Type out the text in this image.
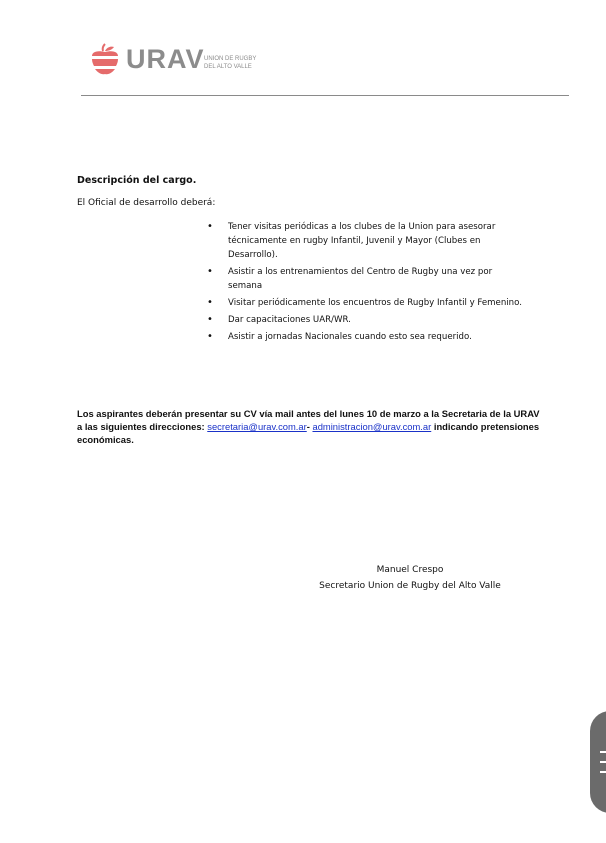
URAV UNION DE RUGBY
DEL ALTO VALLE
Descripción del cargo.
El Oficial de desarrollo deberá:
• Tener visitas periódicas a los clubes de la Union para asesorar técnicamente en rugby Infantil, Juvenil y Mayor (Clubes en Desarrollo).
• Asistir a los entrenamientos del Centro de Rugby una vez por semana
• Visitar periódicamente los encuentros de Rugby Infantil y Femenino.
• Dar capacitaciones UAR/WR.
• Asistir a jornadas Nacionales cuando esto sea requerido.
Los aspirantes deberán presentar su CV vía mail antes del lunes 10 de marzo a la Secretaria de la URAV a las siguientes direcciones: secretaria@urav.com.ar- administracion@urav.com.ar indicando pretensiones económicas.
Manuel Crespo
Secretario Union de Rugby del Alto Valle
